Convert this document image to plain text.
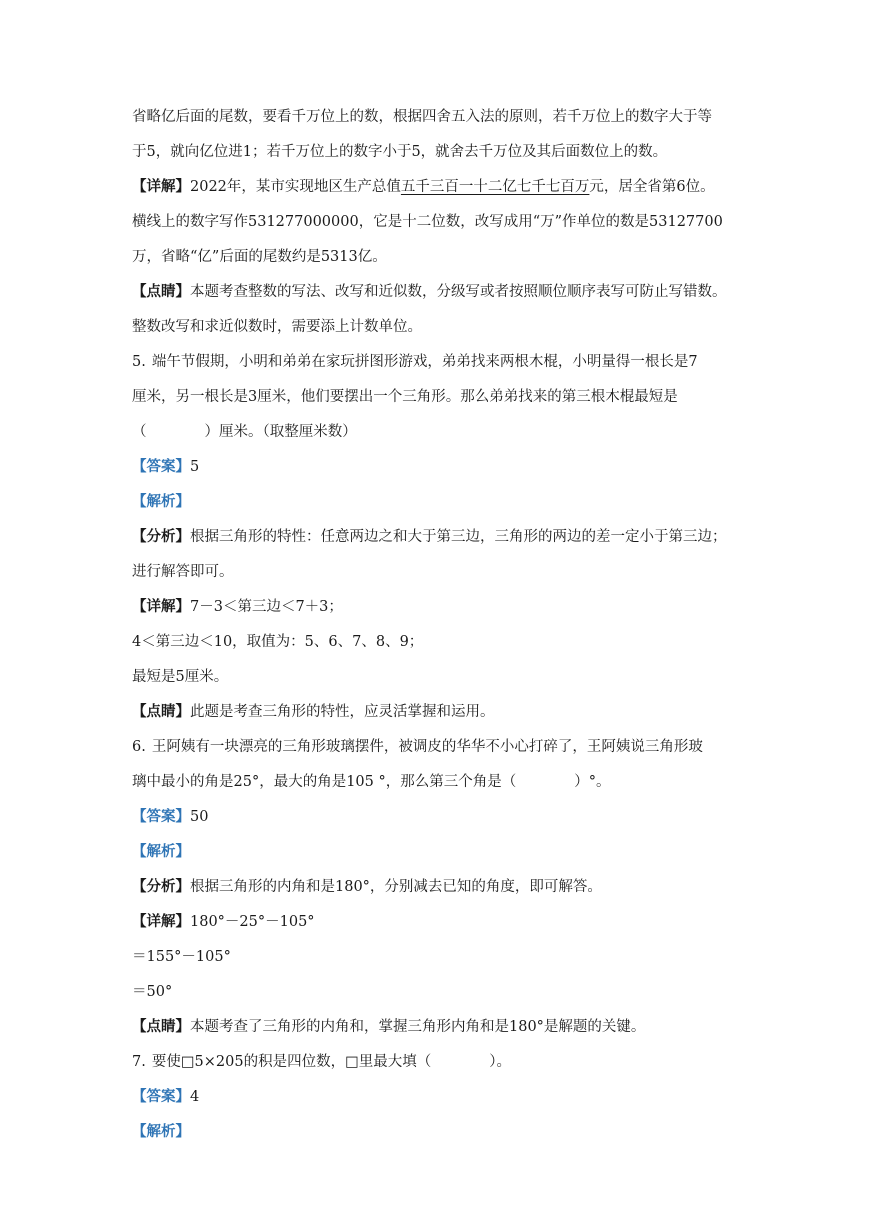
省略亿后面的尾数，要看千万位上的数，根据四舍五入法的原则，若千万位上的数字大于等
于5，就向亿位进1；若千万位上的数字小于5，就舍去千万位及其后面数位上的数。
【详解】2022年，某市实现地区生产总值五千三百一十二亿七千七百万元，居全省第6位。
横线上的数字写作531277000000，它是十二位数，改写成用“万”作单位的数是53127700
万，省略“亿”后面的尾数约是5313亿。
【点睛】本题考查整数的写法、改写和近似数，分级写或者按照顺位顺序表写可防止写错数。
整数改写和求近似数时，需要添上计数单位。
5. 端午节假期，小明和弟弟在家玩拼图形游戏，弟弟找来两根木棍，小明量得一根长是7
厘米，另一根长是3厘米，他们要摆出一个三角形。那么弟弟找来的第三根木棍最短是
（	）厘米。（取整厘米数）
【答案】5
【解析】
【分析】根据三角形的特性：任意两边之和大于第三边，三角形的两边的差一定小于第三边；
进行解答即可。
【详解】7－3＜第三边＜7＋3；
4＜第三边＜10，取值为：5、6、7、8、9；
最短是5厘米。
【点睛】此题是考查三角形的特性，应灵活掌握和运用。
6. 王阿姨有一块漂亮的三角形玻璃摆件，被调皮的华华不小心打碎了，王阿姨说三角形玻
璃中最小的角是25°，最大的角是105 °，那么第三个角是（	）°。
【答案】50
【解析】
【分析】根据三角形的内角和是180°，分别减去已知的角度，即可解答。
【详解】180°－25°－105°
＝155°－105°
＝50°
【点睛】本题考查了三角形的内角和，掌握三角形内角和是180°是解题的关键。
7. 要使□5×205的积是四位数，□里最大填（	）。
【答案】4
【解析】
